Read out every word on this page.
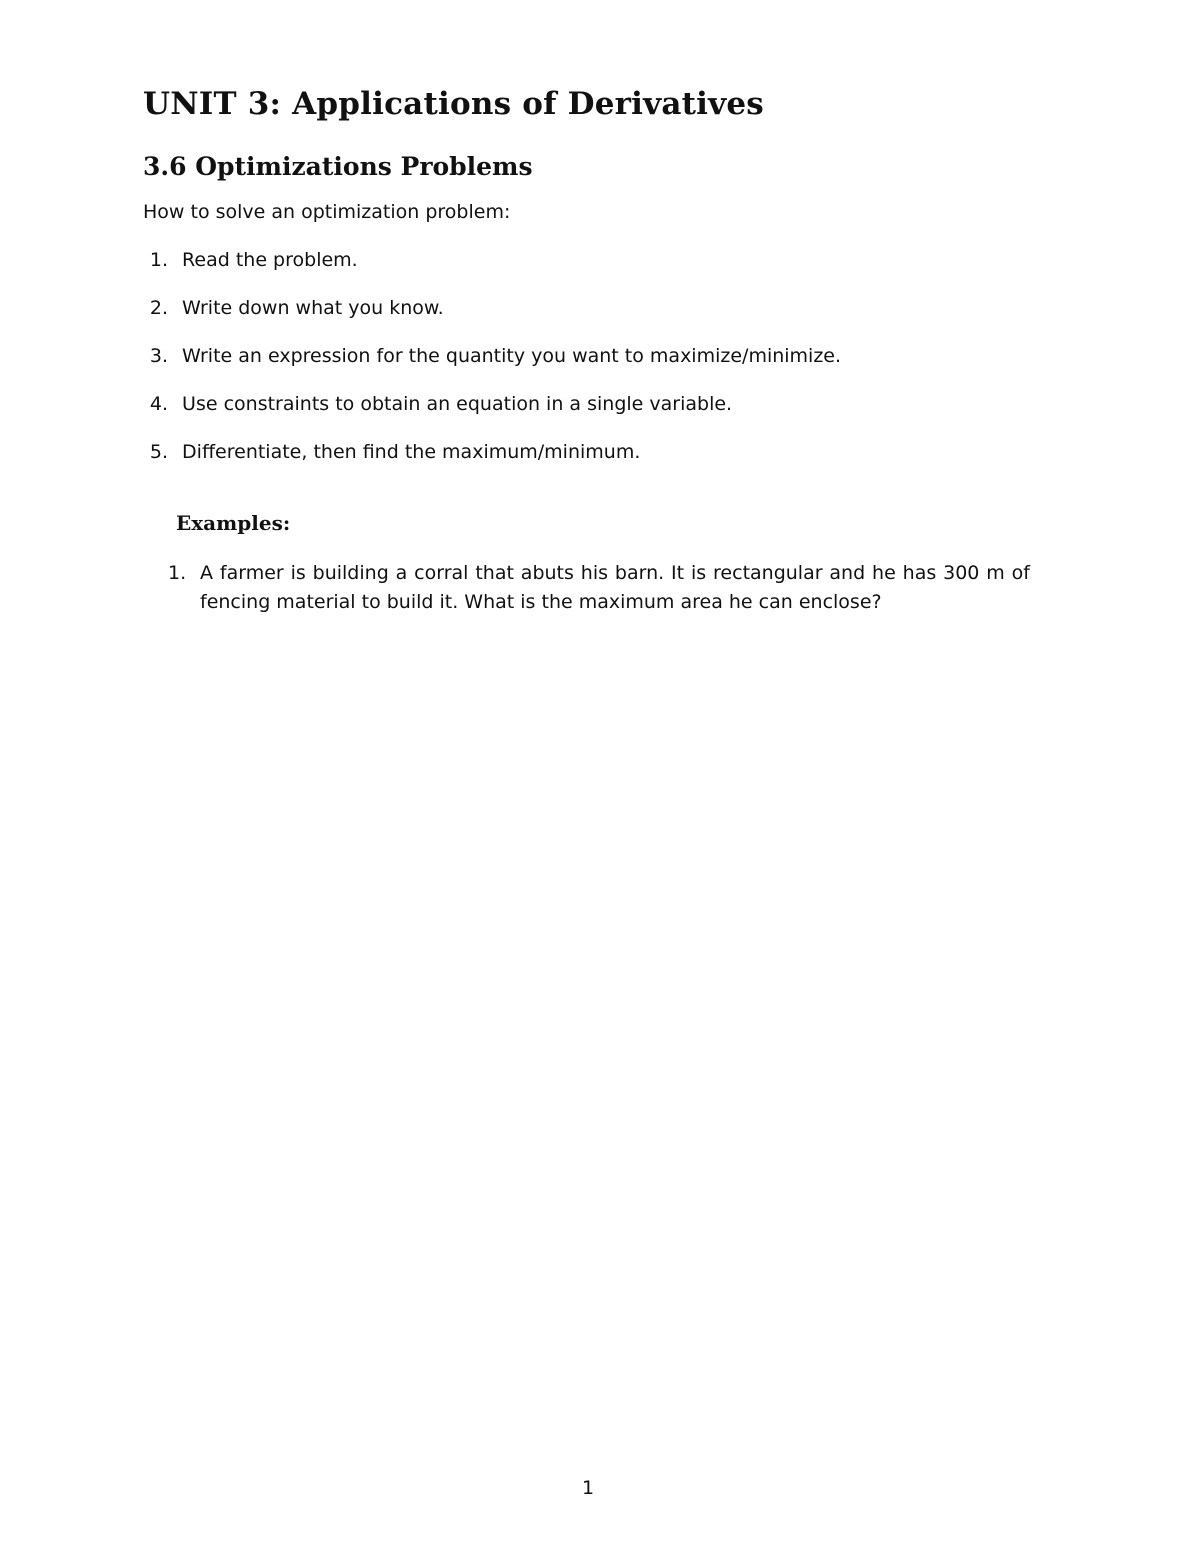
UNIT 3: Applications of Derivatives
3.6 Optimizations Problems

How to solve an optimization problem:

1. Read the problem.
2. Write down what you know.
3. Write an expression for the quantity you want to maximize/minimize.
4. Use constraints to obtain an equation in a single variable.
5. Differentiate, then find the maximum/minimum.
Examples:
1. A farmer is building a corral that abuts his barn. It is rectangular and he has 300 m of fencing material to build it. What is the maximum area he can enclose?
1
